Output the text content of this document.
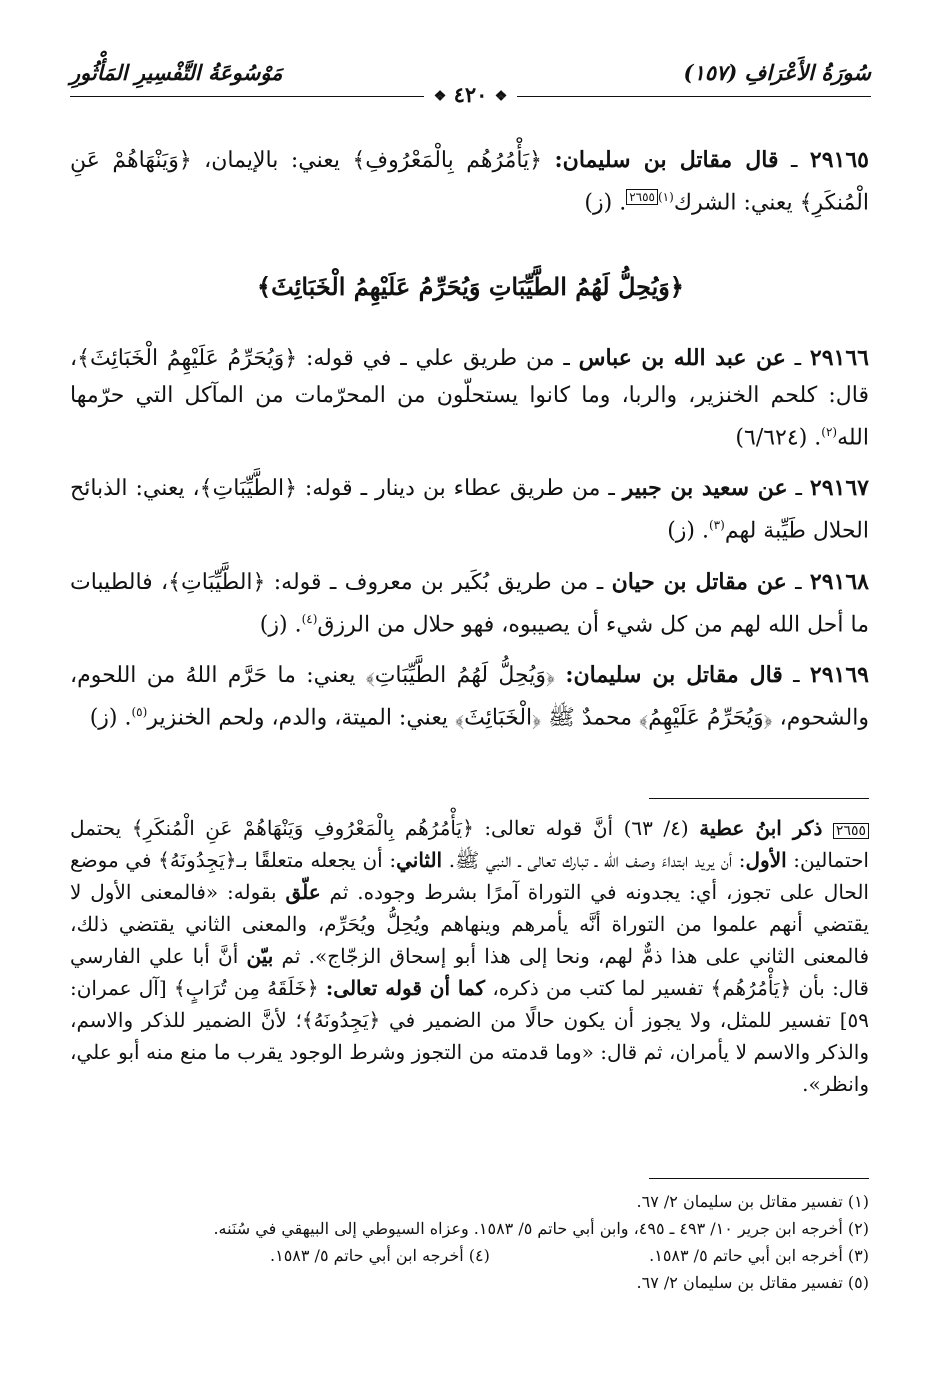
سُورَةُ الأَعْرَافِ (١٥٧)
مَوْسُوعَةُ التَّفْسِيرِ المَأْثُورِ
❖ ٤٢٠ ❖

٢٩١٦٥ ـ قال مقاتل بن سليمان: ﴿يَأْمُرُهُم بِالْمَعْرُوفِ﴾ يعني: بالإيمان، ﴿وَيَنْهَاهُمْ عَنِ الْمُنكَرِ﴾ يعني: الشرك$^{(١)}$٢٦٥٥. (ز)

﴿وَيُحِلُّ لَهُمُ الطَّيِّبَاتِ وَيُحَرِّمُ عَلَيْهِمُ الْخَبَائِثَ﴾

٢٩١٦٦ ـ عن عبد الله بن عباس ـ من طريق علي ـ في قوله: ﴿وَيُحَرِّمُ عَلَيْهِمُ الْخَبَائِثَ﴾، قال: كلحم الخنزير، والربا، وما كانوا يستحلّون من المحرّمات من المآكل التي حرّمها الله$^{(٢)}$. (٦/٦٢٤)

٢٩١٦٧ ـ عن سعيد بن جبير ـ من طريق عطاء بن دينار ـ قوله: ﴿الطَّيِّبَاتِ﴾، يعني: الذبائح الحلال طَيِّبة لهم$^{(٣)}$. (ز)

٢٩١٦٨ ـ عن مقاتل بن حيان ـ من طريق بُكَير بن معروف ـ قوله: ﴿الطَّيِّبَاتِ﴾، فالطيبات ما أحل الله لهم من كل شيء أن يصيبوه، فهو حلال من الرزق$^{(٤)}$. (ز)

٢٩١٦٩ ـ قال مقاتل بن سليمان: ﴿وَيُحِلُّ لَهُمُ الطَّيِّبَاتِ﴾ يعني: ما حَرَّم اللهُ من اللحوم، والشحوم، ﴿وَيُحَرِّمُ عَلَيْهِمُ﴾ محمدٌ ﷺ ﴿الْخَبَائِثَ﴾ يعني: الميتة، والدم، ولحم الخنزير$^{(٥)}$. (ز)

٢٦٥٥ ذكر ابنُ عطية (٤/ ٦٣) أنَّ قوله تعالى: ﴿يَأْمُرُهُم بِالْمَعْرُوفِ وَيَنْهَاهُمْ عَنِ الْمُنكَرِ﴾ يحتمل احتمالين: الأول: أن يريد ابتداءَ وصف الله ـ تبارك تعالى ـ النبي ﷺ. الثاني: أن يجعله متعلقًا بـ﴿يَجِدُونَهُ﴾ في موضع الحال على تجوز، أي: يجدونه في التوراة آمرًا بشرط وجوده. ثم علّق بقوله: «فالمعنى الأول لا يقتضي أنهم علموا من التوراة أنَّه يأمرهم وينهاهم ويُحِلُّ ويُحَرِّم، والمعنى الثاني يقتضي ذلك، فالمعنى الثاني على هذا ذمٌّ لهم، ونحا إلى هذا أبو إسحاق الزجّاج». ثم بيّن أنَّ أبا علي الفارسي قال: بأن ﴿يَأْمُرُهُم﴾ تفسير لما كتب من ذكره، كما أن قوله تعالى: ﴿خَلَقَهُ مِن تُرَابٍ﴾ [آل عمران: ٥٩] تفسير للمثل، ولا يجوز أن يكون حالًا من الضمير في ﴿يَجِدُونَهُ﴾؛ لأنَّ الضمير للذكر والاسم، والذكر والاسم لا يأمران، ثم قال: «وما قدمته من التجوز وشرط الوجود يقرب ما منع منه أبو علي، وانظر».
(١) تفسير مقاتل بن سليمان ٢/ ٦٧.
(٢) أخرجه ابن جرير ١٠/ ٤٩٣ ـ ٤٩٥، وابن أبي حاتم ٥/ ١٥٨٣. وعزاه السيوطي إلى البيهقي في سُنَنه.
(٣) أخرجه ابن أبي حاتم ٥/ ١٥٨٣.
(٤) أخرجه ابن أبي حاتم ٥/ ١٥٨٣.
(٥) تفسير مقاتل بن سليمان ٢/ ٦٧.
